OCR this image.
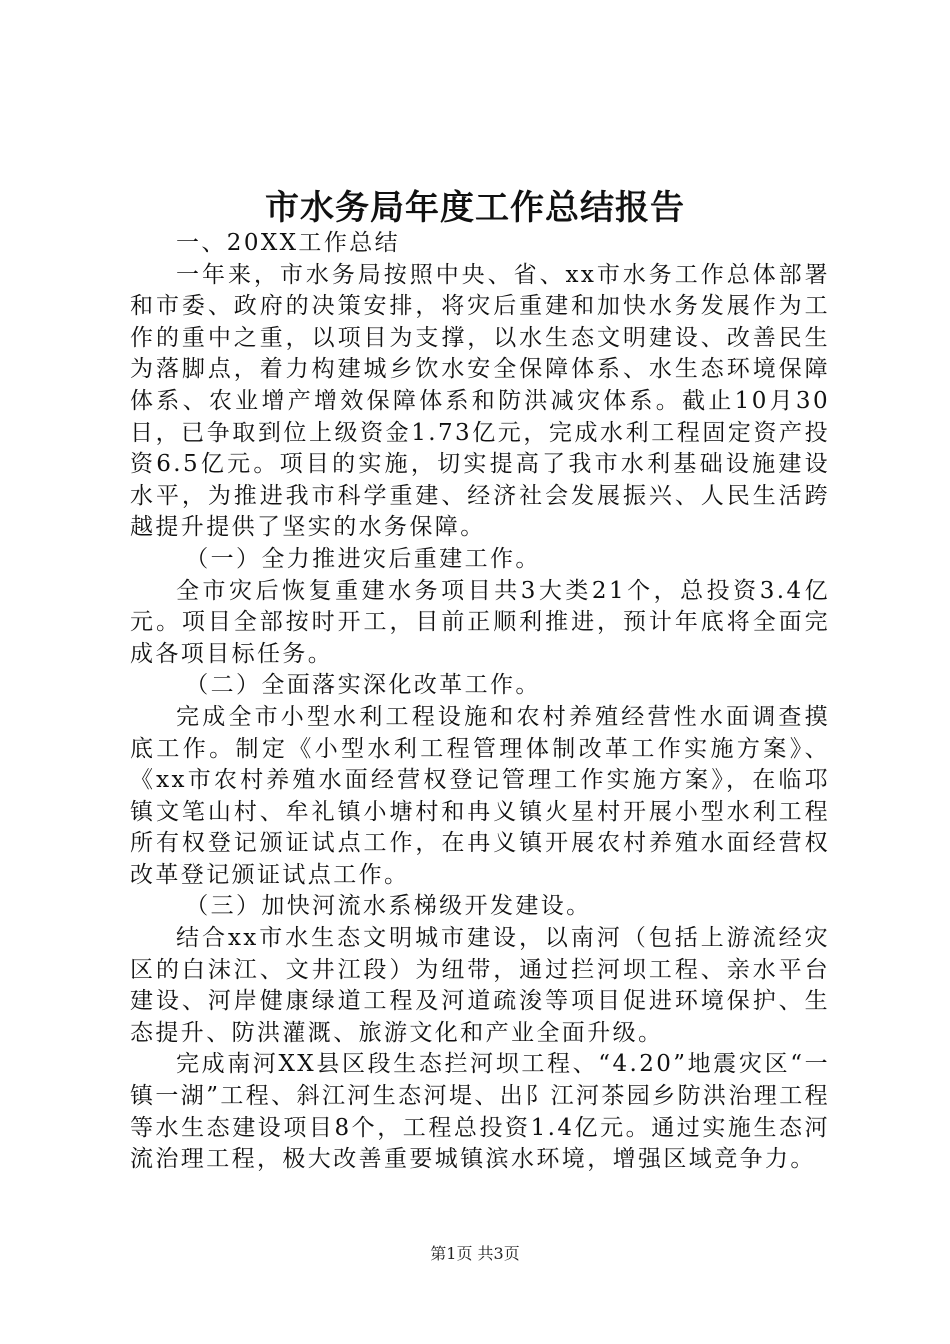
市水务局年度工作总结报告

一、20XX工作总结

一年来，市水务局按照中央、省、xx市水务工作总体部署和市委、政府的决策安排，将灾后重建和加快水务发展作为工作的重中之重，以项目为支撑，以水生态文明建设、改善民生为落脚点，着力构建城乡饮水安全保障体系、水生态环境保障体系、农业增产增效保障体系和防洪减灾体系。截止10月30日，已争取到位上级资金1.73亿元，完成水利工程固定资产投资6.5亿元。项目的实施，切实提高了我市水利基础设施建设水平，为推进我市科学重建、经济社会发展振兴、人民生活跨越提升提供了坚实的水务保障。

（一）全力推进灾后重建工作。

全市灾后恢复重建水务项目共3大类21个，总投资3.4亿元。项目全部按时开工，目前正顺利推进，预计年底将全面完成各项目标任务。

（二）全面落实深化改革工作。

完成全市小型水利工程设施和农村养殖经营性水面调查摸底工作。制定《小型水利工程管理体制改革工作实施方案》、《xx市农村养殖水面经营权登记管理工作实施方案》，在临邛镇文笔山村、牟礼镇小塘村和冉义镇火星村开展小型水利工程所有权登记颁证试点工作，在冉义镇开展农村养殖水面经营权改革登记颁证试点工作。

（三）加快河流水系梯级开发建设。

结合xx市水生态文明城市建设，以南河（包括上游流经灾区的白沫江、文井江段）为纽带，通过拦河坝工程、亲水平台建设、河岸健康绿道工程及河道疏浚等项目促进环境保护、生态提升、防洪灌溉、旅游文化和产业全面升级。

完成南河XX县区段生态拦河坝工程、“4.20”地震灾区“一镇一湖”工程、斜江河生态河堤、出阝江河茶园乡防洪治理工程等水生态建设项目8个，工程总投资1.4亿元。通过实施生态河流治理工程，极大改善重要城镇滨水环境，增强区域竞争力。

第1页 共3页
